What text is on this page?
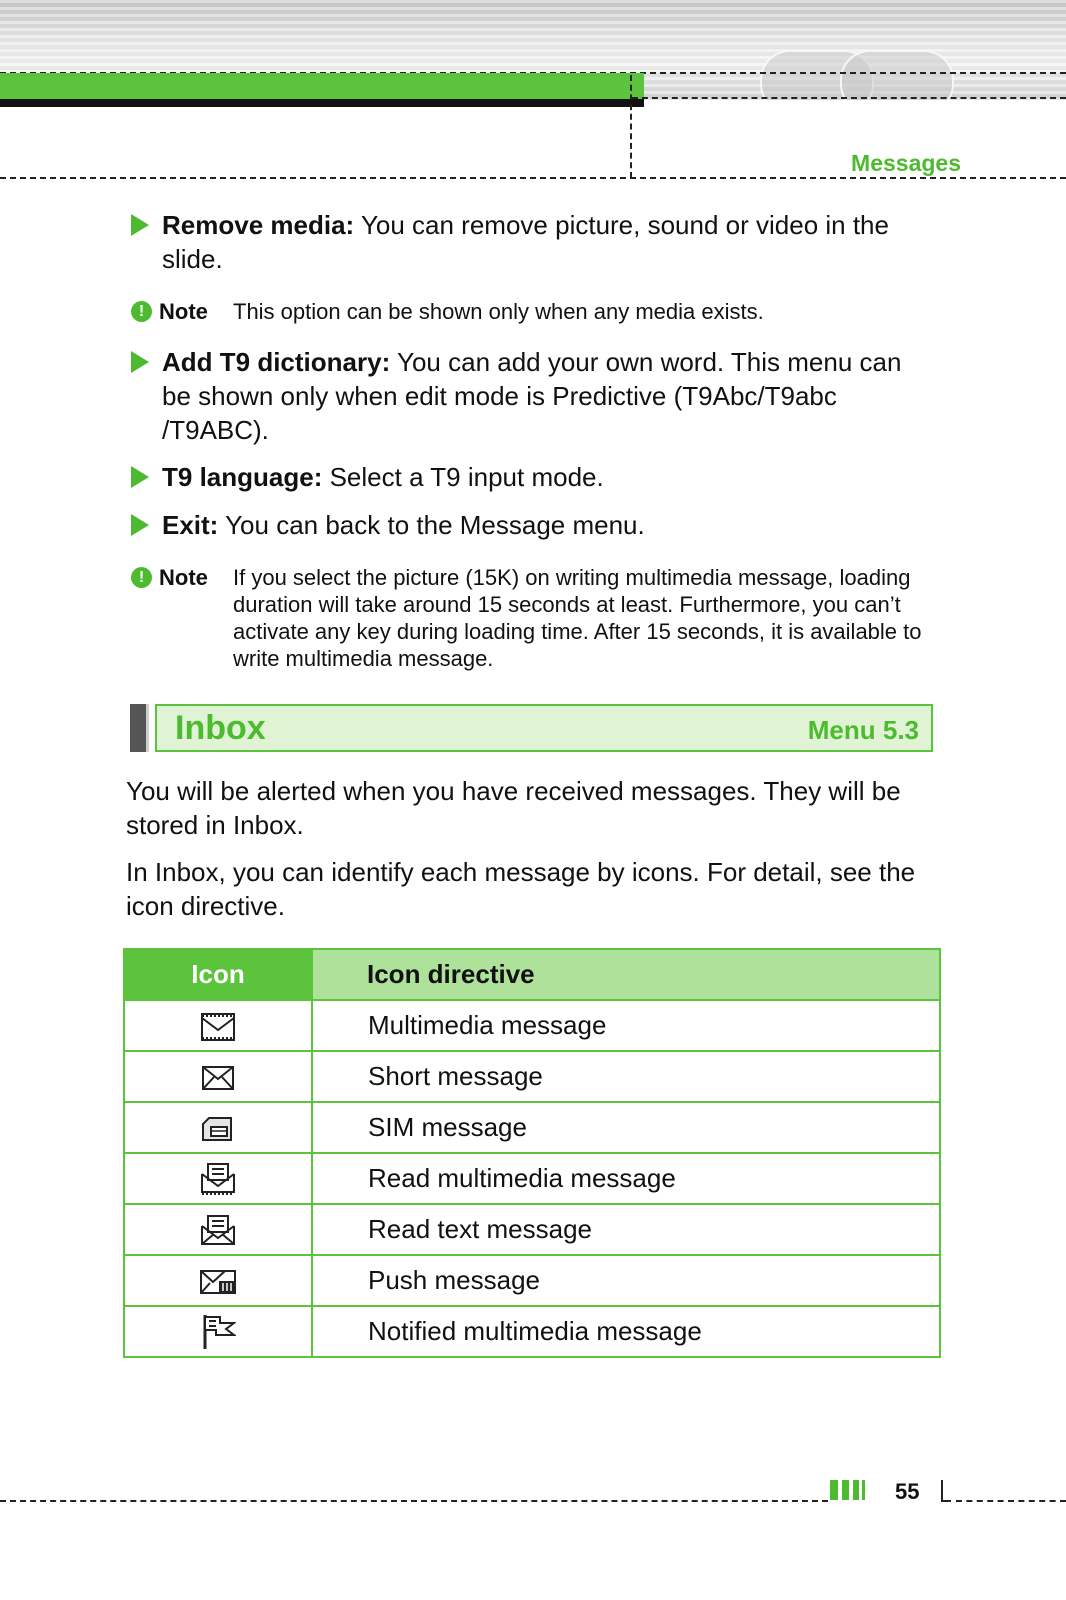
Messages
Remove media: You can remove picture, sound or video in the slide.
! Note This option can be shown only when any media exists.
Add T9 dictionary: You can add your own word. This menu can be shown only when edit mode is Predictive (T9Abc/T9abc /T9ABC).
T9 language: Select a T9 input mode.
Exit: You can back to the Message menu.
! Note If you select the picture (15K) on writing multimedia message, loading duration will take around 15 seconds at least. Furthermore, you can’t activate any key during loading time. After 15 seconds, it is available to write multimedia message.
Inbox	Menu 5.3
You will be alerted when you have received messages. They will be stored in Inbox.
In Inbox, you can identify each message by icons. For detail, see the icon directive.
Icon	Icon directive
	Multimedia message
	Short message
	SIM message
	Read multimedia message
	Read text message
	Push message
	Notified multimedia message
55
